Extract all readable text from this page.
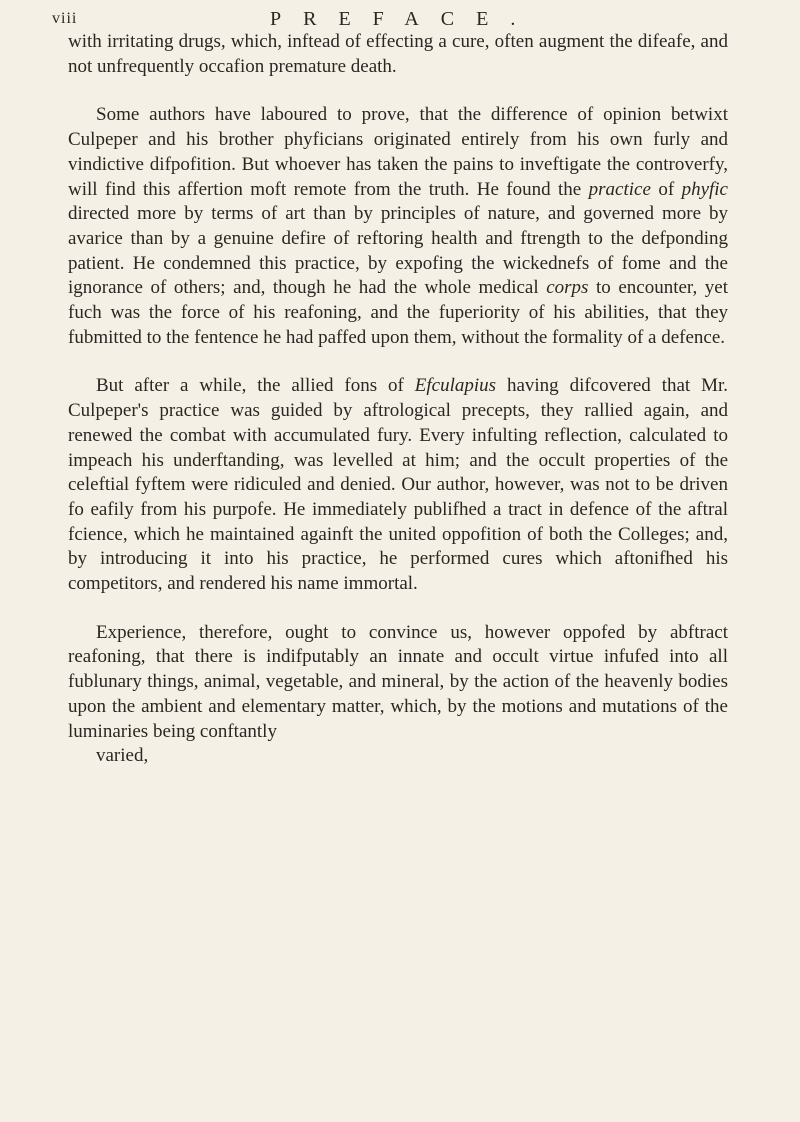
viii	PREFACE.

with irritating drugs, which, inftead of effecting a cure, often augment the difeafe, and not unfrequently occafion premature death.

Some authors have laboured to prove, that the difference of opinion betwixt Culpeper and his brother phyficians originated entirely from his own furly and vindictive difpofition. But whoever has taken the pains to inveftigate the controverfy, will find this affertion moft remote from the truth. He found the practice of phyfic directed more by terms of art than by principles of nature, and governed more by avarice than by a genuine defire of reftoring health and ftrength to the defponding patient. He condemned this practice, by expofing the wickednefs of fome and the ignorance of others; and, though he had the whole medical corps to encounter, yet fuch was the force of his reafoning, and the fuperiority of his abilities, that they fubmitted to the fentence he had paffed upon them, without the formality of a defence.

But after a while, the allied fons of Efculapius having difcovered that Mr. Culpeper's practice was guided by aftrological precepts, they rallied again, and renewed the combat with accumulated fury. Every infulting reflection, calculated to impeach his underftanding, was levelled at him; and the occult properties of the celeftial fyftem were ridiculed and denied. Our author, however, was not to be driven fo eafily from his purpofe. He immediately publifhed a tract in defence of the aftral fcience, which he maintained againft the united oppofition of both the Colleges; and, by introducing it into his practice, he performed cures which aftonifhed his competitors, and rendered his name immortal.

Experience, therefore, ought to convince us, however oppofed by abftract reafoning, that there is indifputably an innate and occult virtue infufed into all fublunary things, animal, vegetable, and mineral, by the action of the heavenly bodies upon the ambient and elementary matter, which, by the motions and mutations of the luminaries being conftantly
varied,
